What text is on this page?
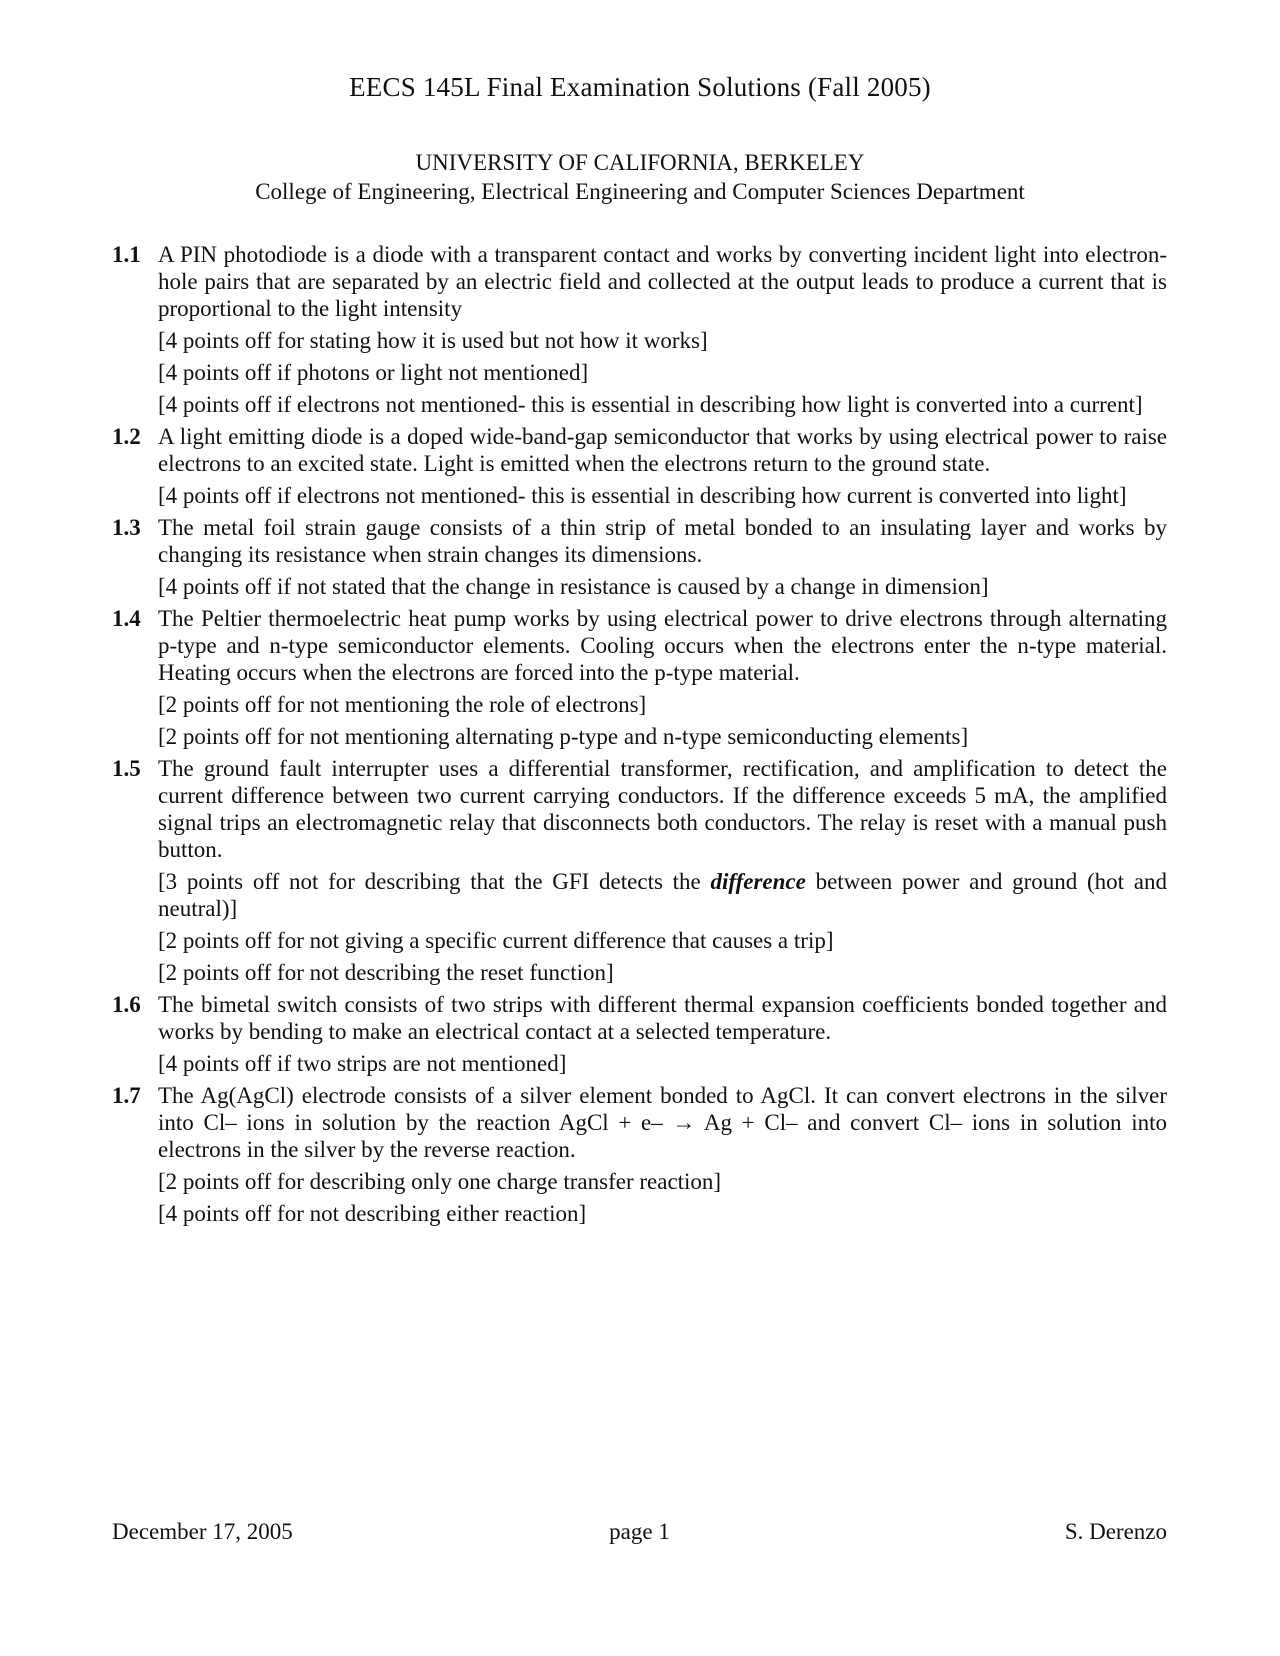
EECS 145L Final Examination Solutions (Fall 2005)
UNIVERSITY OF CALIFORNIA, BERKELEY
College of Engineering, Electrical Engineering and Computer Sciences Department
1.1 A PIN photodiode is a diode with a transparent contact and works by converting incident light into electron-hole pairs that are separated by an electric field and collected at the output leads to produce a current that is proportional to the light intensity

[4 points off for stating how it is used but not how it works]

[4 points off if photons or light not mentioned]

[4 points off if electrons not mentioned- this is essential in describing how light is converted into a current]

1.2 A light emitting diode is a doped wide-band-gap semiconductor that works by using electrical power to raise electrons to an excited state. Light is emitted when the electrons return to the ground state.

[4 points off if electrons not mentioned- this is essential in describing how current is converted into light]

1.3 The metal foil strain gauge consists of a thin strip of metal bonded to an insulating layer and works by changing its resistance when strain changes its dimensions.

[4 points off if not stated that the change in resistance is caused by a change in dimension]

1.4 The Peltier thermoelectric heat pump works by using electrical power to drive electrons through alternating p-type and n-type semiconductor elements. Cooling occurs when the electrons enter the n-type material. Heating occurs when the electrons are forced into the p-type material.

[2 points off for not mentioning the role of electrons]

[2 points off for not mentioning alternating p-type and n-type semiconducting elements]

1.5 The ground fault interrupter uses a differential transformer, rectification, and amplification to detect the current difference between two current carrying conductors. If the difference exceeds 5 mA, the amplified signal trips an electromagnetic relay that disconnects both conductors. The relay is reset with a manual push button.

[3 points off not for describing that the GFI detects the difference between power and ground (hot and neutral)]

[2 points off for not giving a specific current difference that causes a trip]

[2 points off for not describing the reset function]

1.6 The bimetal switch consists of two strips with different thermal expansion coefficients bonded together and works by bending to make an electrical contact at a selected temperature.

[4 points off if two strips are not mentioned]

1.7 The Ag(AgCl) electrode consists of a silver element bonded to AgCl. It can convert electrons in the silver into Cl– ions in solution by the reaction AgCl + e– → Ag + Cl– and convert Cl– ions in solution into electrons in the silver by the reverse reaction.

[2 points off for describing only one charge transfer reaction]

[4 points off for not describing either reaction]

December 17, 2005	page 1	S. Derenzo
